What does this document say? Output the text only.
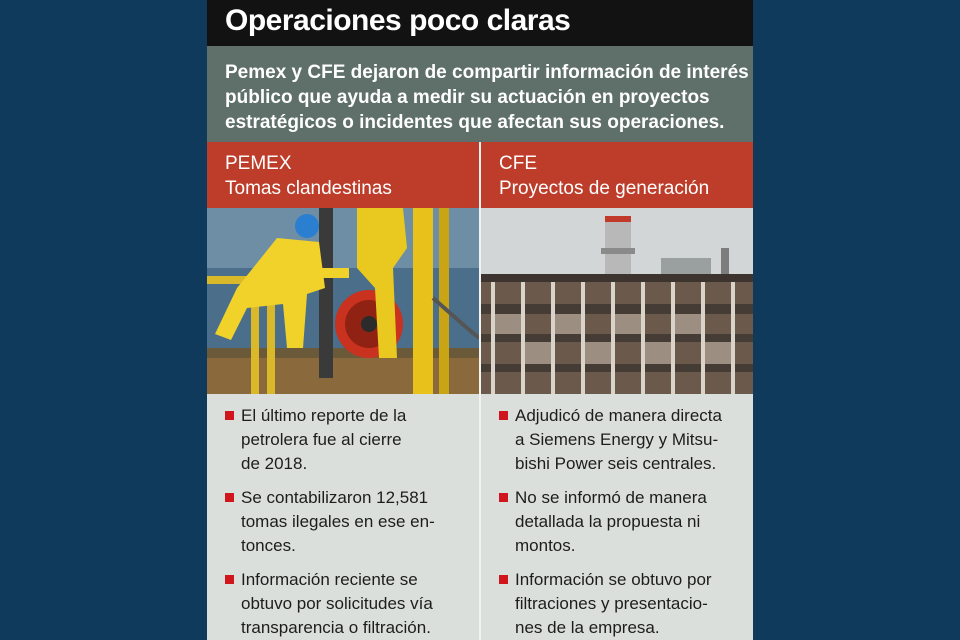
Operaciones poco claras

Pemex y CFE dejaron de compartir información de interés
público que ayuda a medir su actuación en proyectos
estratégicos o incidentes que afectan sus operaciones.

PEMEX
Tomas clandestinas
CFE
Proyectos de generación
El último reporte de la
petrolera fue al cierre
de 2018.
Se contabilizaron 12,581
tomas ilegales en ese en-
tonces.
Información reciente se
obtuvo por solicitudes vía
transparencia o filtración.
Adjudicó de manera directa
a Siemens Energy y Mitsu-
bishi Power seis centrales.
No se informó de manera
detallada la propuesta ni
montos.
Información se obtuvo por
filtraciones y presentacio-
nes de la empresa.
